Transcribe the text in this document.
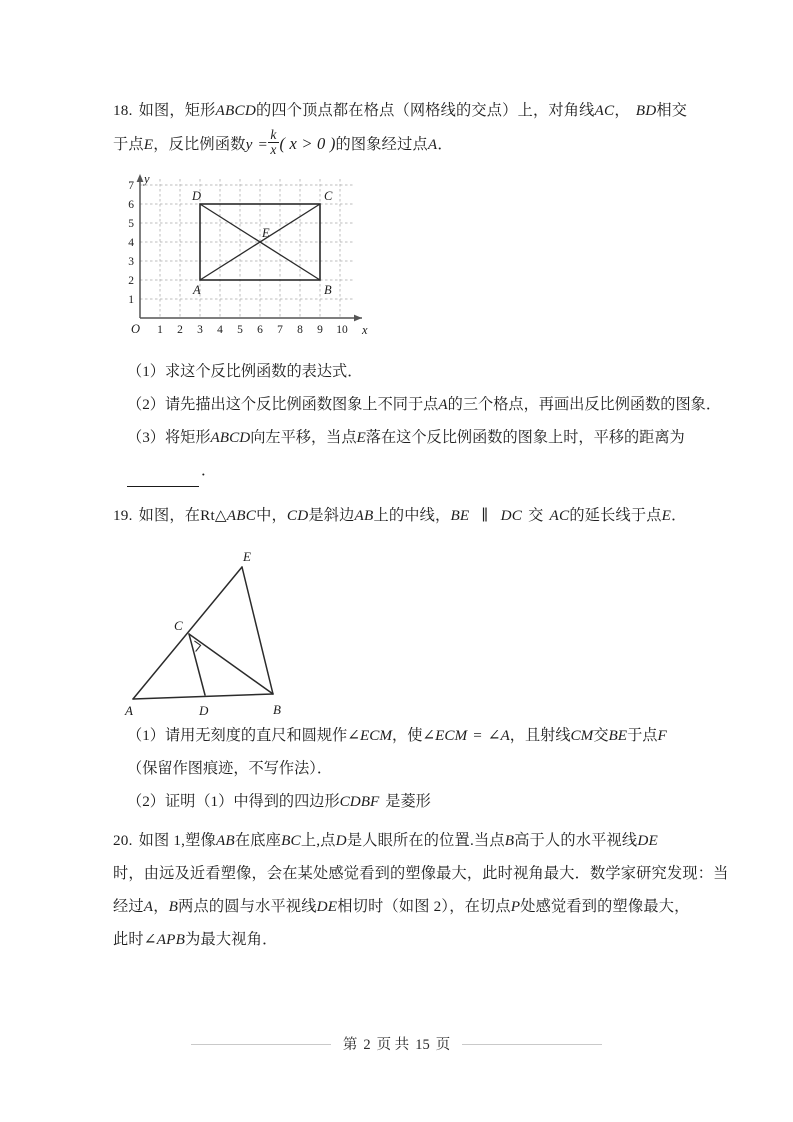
18. 如图，矩形ABCD的四个顶点都在格点（网格线的交点）上，对角线AC， BD相交
于点E，反比例函数$y = \frac{k}{x}$ ( x > 0 )的图象经过点A．
1 2 3 4 5 6 7 8 9 10
1
2
3
4
5
6
7
O	x
y
D	C
A	B
E
（1）求这个反比例函数的表达式．
（2）请先描出这个反比例函数图象上不同于点A的三个格点，再画出反比例函数的图象．
（3）将矩形ABCD向左平移，当点E落在这个反比例函数的图象上时，平移的距离为
．
19. 如图，在Rt△ABC中，CD是斜边AB上的中线，BE ∥ DC 交 AC的延长线于点E．
A	B
D
C
E
（1）请用无刻度的直尺和圆规作∠ECM，使∠ECM = ∠A，且射线CM交BE于点F（保留作图痕迹，不写作法）．
（2）证明（1）中得到的四边形CDBF 是菱形
20. 如图 1,塑像AB在底座BC上,点D是人眼所在的位置.当点B高于人的水平视线DE
时，由远及近看塑像，会在某处感觉看到的塑像最大，此时视角最大．数学家研究发现：当
经过A，B两点的圆与水平视线DE相切时（如图 2），在切点P处感觉看到的塑像最大，
此时∠APB为最大视角．
第 2 页 共 15 页
